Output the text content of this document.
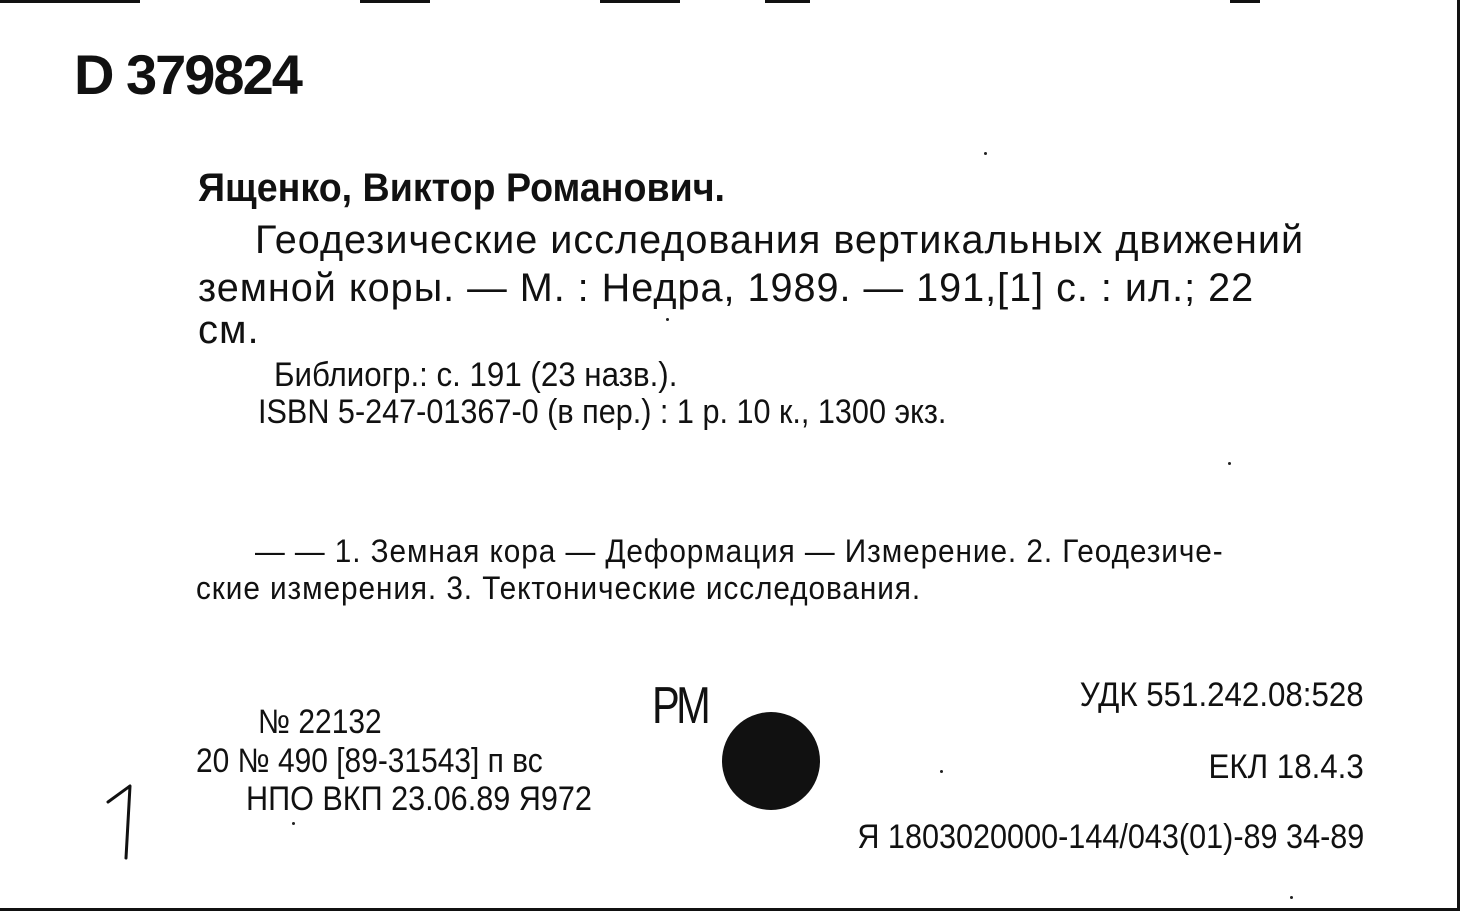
D 379824
Ященко, Виктор Романович.
Геодезические исследования вертикальных движений
земной коры. — М. : Недра, 1989. — 191,[1] с. : ил.; 22
см.
Библиогр.: с. 191 (23 назв.).
ISBN 5-247-01367-0 (в пер.) : 1 р. 10 к., 1300 экз.
— — 1. Земная кора — Деформация — Измерение. 2. Геодезиче-
ские измерения. 3. Тектонические исследования.
№ 22132
20 № 490 [89-31543] п вс
НПО ВКП 23.06.89 Я972
РМ	УДК 551.242.08:528
ЕКЛ 18.4.3
Я 1803020000-144/043(01)-89 34-89
